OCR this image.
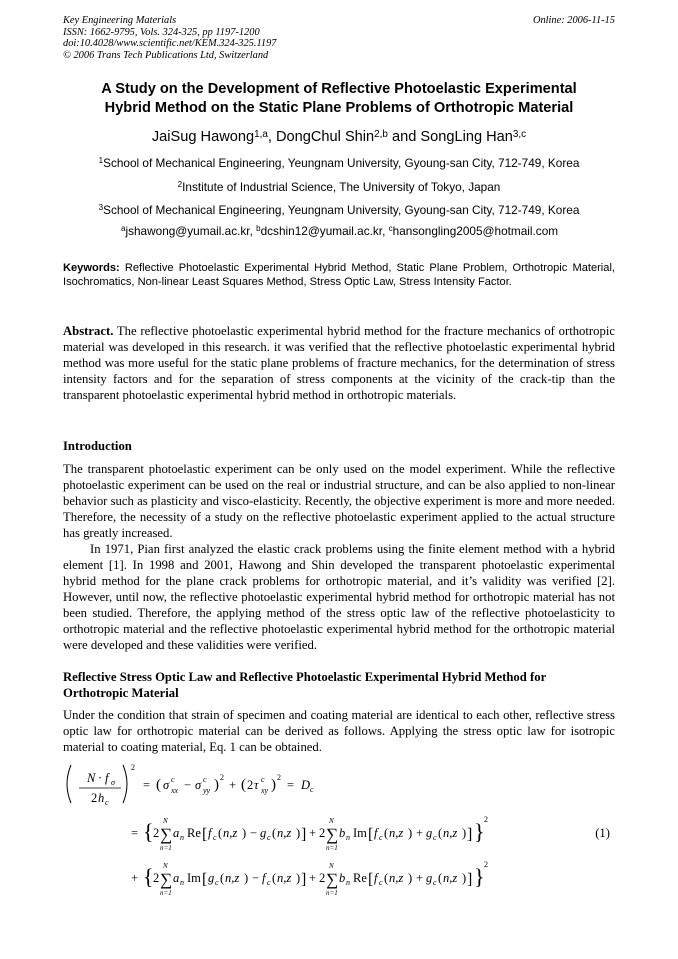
Key Engineering Materials
ISSN: 1662-9795, Vols. 324-325, pp 1197-1200
doi:10.4028/www.scientific.net/KEM.324-325.1197
© 2006 Trans Tech Publications Ltd, Switzerland
Online: 2006-11-15
A Study on the Development of Reflective Photoelastic Experimental
Hybrid Method on the Static Plane Problems of Orthotropic Material
JaiSug Hawong$^{1,a}$, DongChul Shin$^{2,b}$ and SongLing Han$^{3,c}$
$^1$School of Mechanical Engineering, Yeungnam University, Gyoung-san City, 712-749, Korea
$^2$Institute of Industrial Science, The University of Tokyo, Japan
$^3$School of Mechanical Engineering, Yeungnam University, Gyoung-san City, 712-749, Korea
$^a$jshawong@yumail.ac.kr, $^b$dcshin12@yumail.ac.kr, $^c$hansongling2005@hotmail.com
Keywords: Reflective Photoelastic Experimental Hybrid Method, Static Plane Problem, Orthotropic Material, Isochromatics, Non-linear Least Squares Method, Stress Optic Law, Stress Intensity Factor.
Abstract. The reflective photoelastic experimental hybrid method for the fracture mechanics of orthotropic material was developed in this research. it was verified that the reflective photoelastic experimental hybrid method was more useful for the static plane problems of fracture mechanics, for the determination of stress intensity factors and for the separation of stress components at the vicinity of the crack-tip than the transparent photoelastic experimental hybrid method in orthotropic materials.
Introduction
The transparent photoelastic experiment can be only used on the model experiment. While the reflective photoelastic experiment can be used on the real or industrial structure, and can be also applied to non-linear behavior such as plasticity and visco-elasticity. Recently, the objective experiment is more and more needed. Therefore, the necessity of a study on the reflective photoelastic experiment applied to the actual structure has greatly increased.
In 1971, Pian first analyzed the elastic crack problems using the finite element method with a hybrid element [1]. In 1998 and 2001, Hawong and Shin developed the transparent photoelastic experimental hybrid method for the plane crack problems for orthotropic material, and it’s validity was verified [2]. However, until now, the reflective photoelastic experimental hybrid method for orthotropic material has not been studied. Therefore, the applying method of the stress optic law of the reflective photoelasticity to orthotropic material and the reflective photoelastic experimental hybrid method for the orthotropic material were developed and these validities were verified.
Reflective Stress Optic Law and Reflective Photoelastic Experimental Hybrid Method for
Orthotropic Material
Under the condition that strain of specimen and coating material are identical to each other, reflective stress optic law for orthotropic material can be derived as follows. Applying the stress optic law for isotropic material to coating material, Eq. 1 can be obtained.
N · f σ
2 h c
2
= ( σ c
xx − σ c
yy ) 2
+ ( 2 τ c
xy ) 2
= D c
= { 2 ∑
N
n=1
a n Re [ f c ( n,z ) − g c ( n,z ) ] + 2 ∑
N
n=1
b n Im [ f c ( n,z ) + g c ( n,z ) ] } 2
+ { 2 ∑
N
n=1
a n Im [ g c ( n,z ) − f c ( n,z ) ] + 2 ∑
N
n=1
b n Re [ f c ( n,z ) + g c ( n,z ) ] } 2
(1)
